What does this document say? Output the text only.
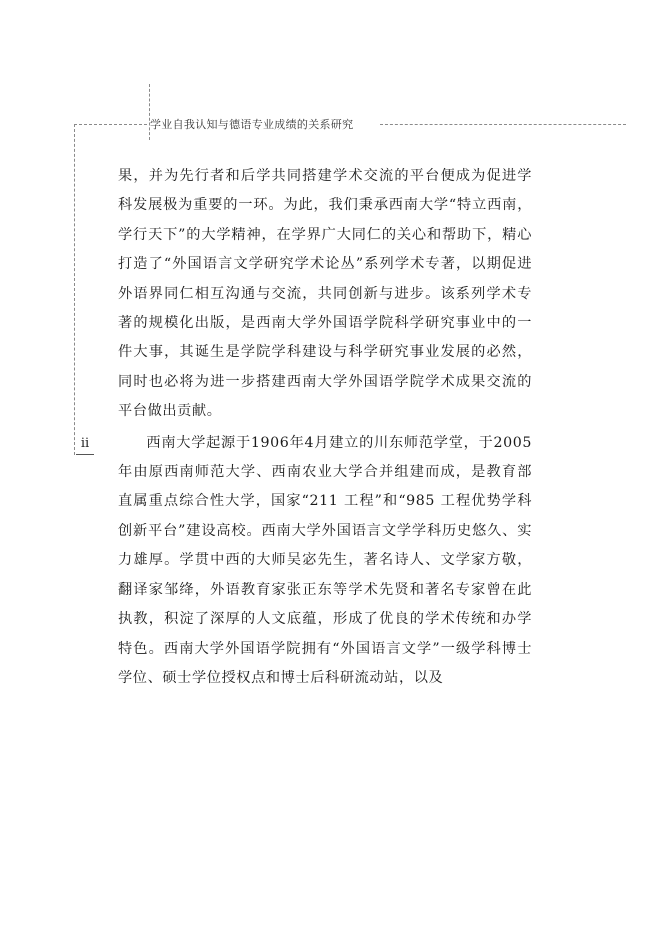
学业自我认知与德语专业成绩的关系研究
ii

果，并为先行者和后学共同搭建学术交流的平台便成为促进学科发展极为重要的一环。为此，我们秉承西南大学“特立西南，学行天下”的大学精神，在学界广大同仁的关心和帮助下，精心打造了“外国语言文学研究学术论丛”系列学术专著，以期促进外语界同仁相互沟通与交流，共同创新与进步。该系列学术专著的规模化出版，是西南大学外国语学院科学研究事业中的一件大事，其诞生是学院学科建设与科学研究事业发展的必然，同时也必将为进一步搭建西南大学外国语学院学术成果交流的平台做出贡献。

西南大学起源于1906年4月建立的川东师范学堂，于2005年由原西南师范大学、西南农业大学合并组建而成，是教育部直属重点综合性大学，国家“211 工程”和“985 工程优势学科创新平台”建设高校。西南大学外国语言文学学科历史悠久、实力雄厚。学贯中西的大师吴宓先生，著名诗人、文学家方敬，翻译家邹绛，外语教育家张正东等学术先贤和著名专家曾在此执教，积淀了深厚的人文底蕴，形成了优良的学术传统和办学特色。西南大学外国语学院拥有“外国语言文学”一级学科博士学位、硕士学位授权点和博士后科研流动站，以及
